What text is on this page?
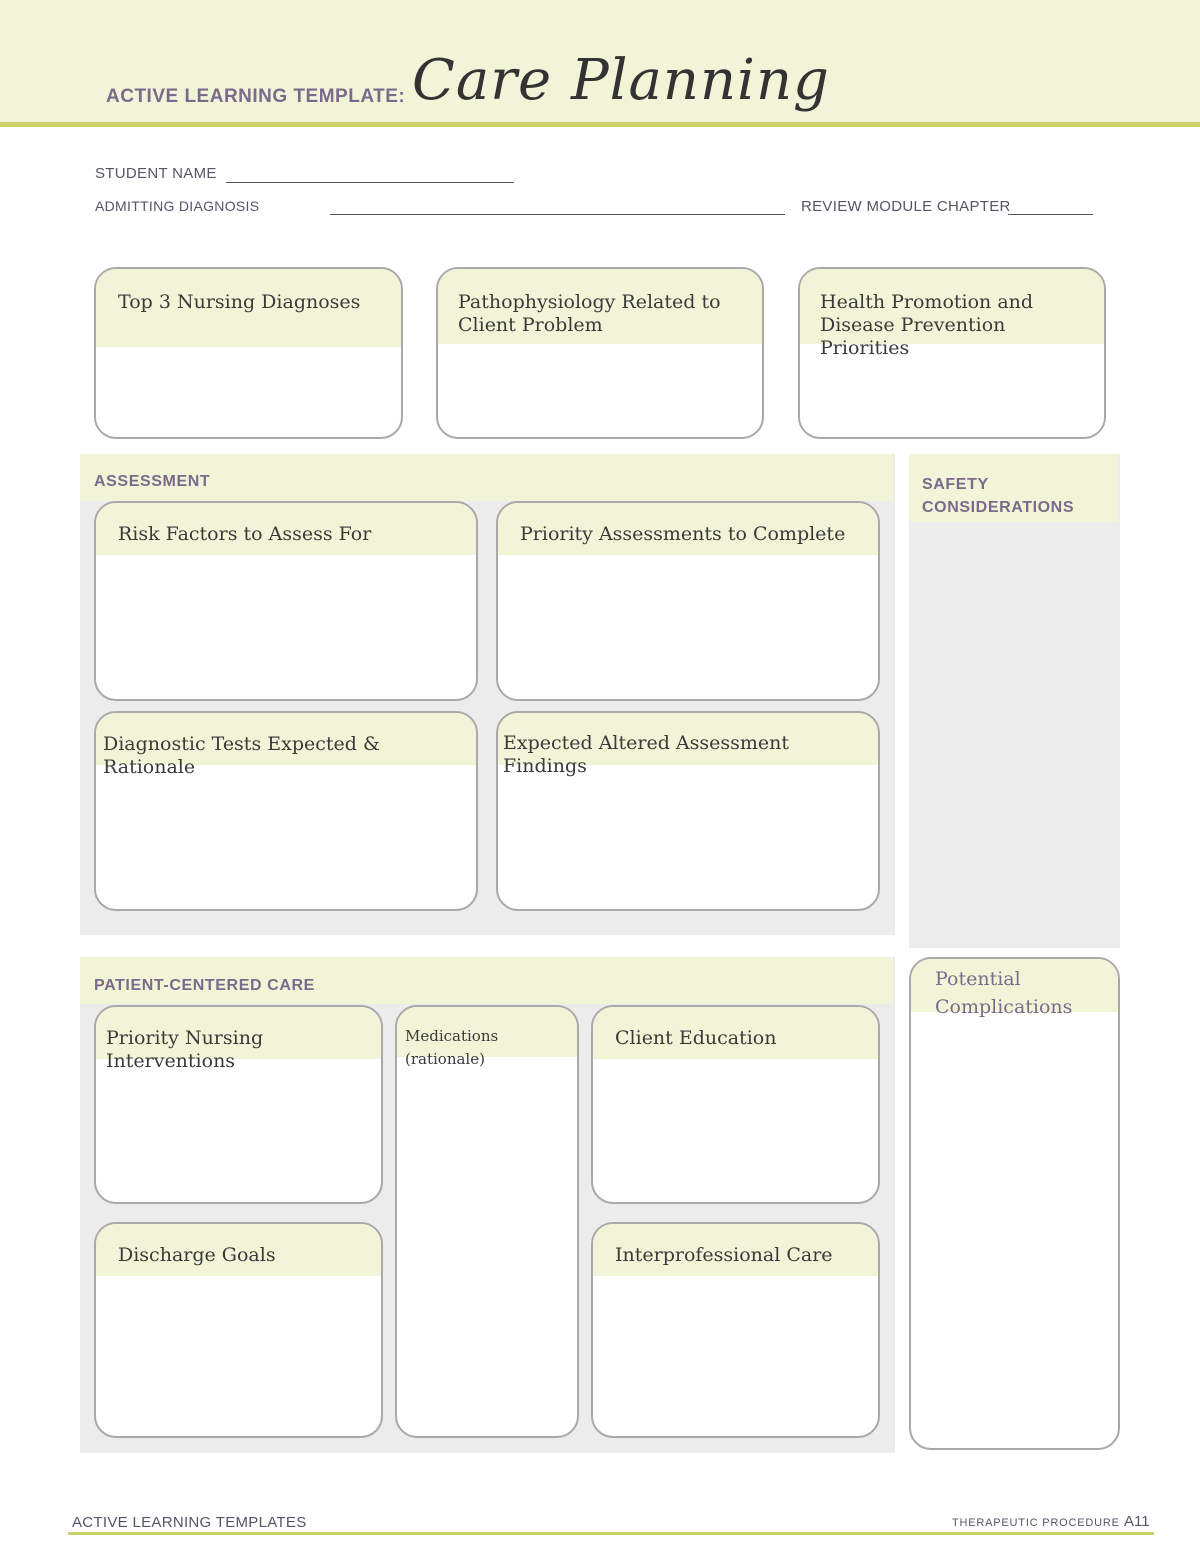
ACTIVE LEARNING TEMPLATE: Care Planning
STUDENT NAME
ADMITTING DIAGNOSIS	REVIEW MODULE CHAPTER
Top 3 Nursing Diagnoses	Pathophysiology Related to
Client Problem
Health Promotion and
Disease Prevention Priorities
ASSESSMENT
Risk Factors to Assess For	Priority Assessments to Complete
Diagnostic Tests Expected & Rationale
Expected Altered Assessment Findings
SAFETY
CONSIDERATIONS
Potential
Complications
PATIENT-CENTERED CARE
Priority Nursing Interventions
Medications (rationale)
Client Education
Discharge Goals	Interprofessional Care
ACTIVE LEARNING TEMPLATES	THERAPEUTIC PROCEDURE A11
